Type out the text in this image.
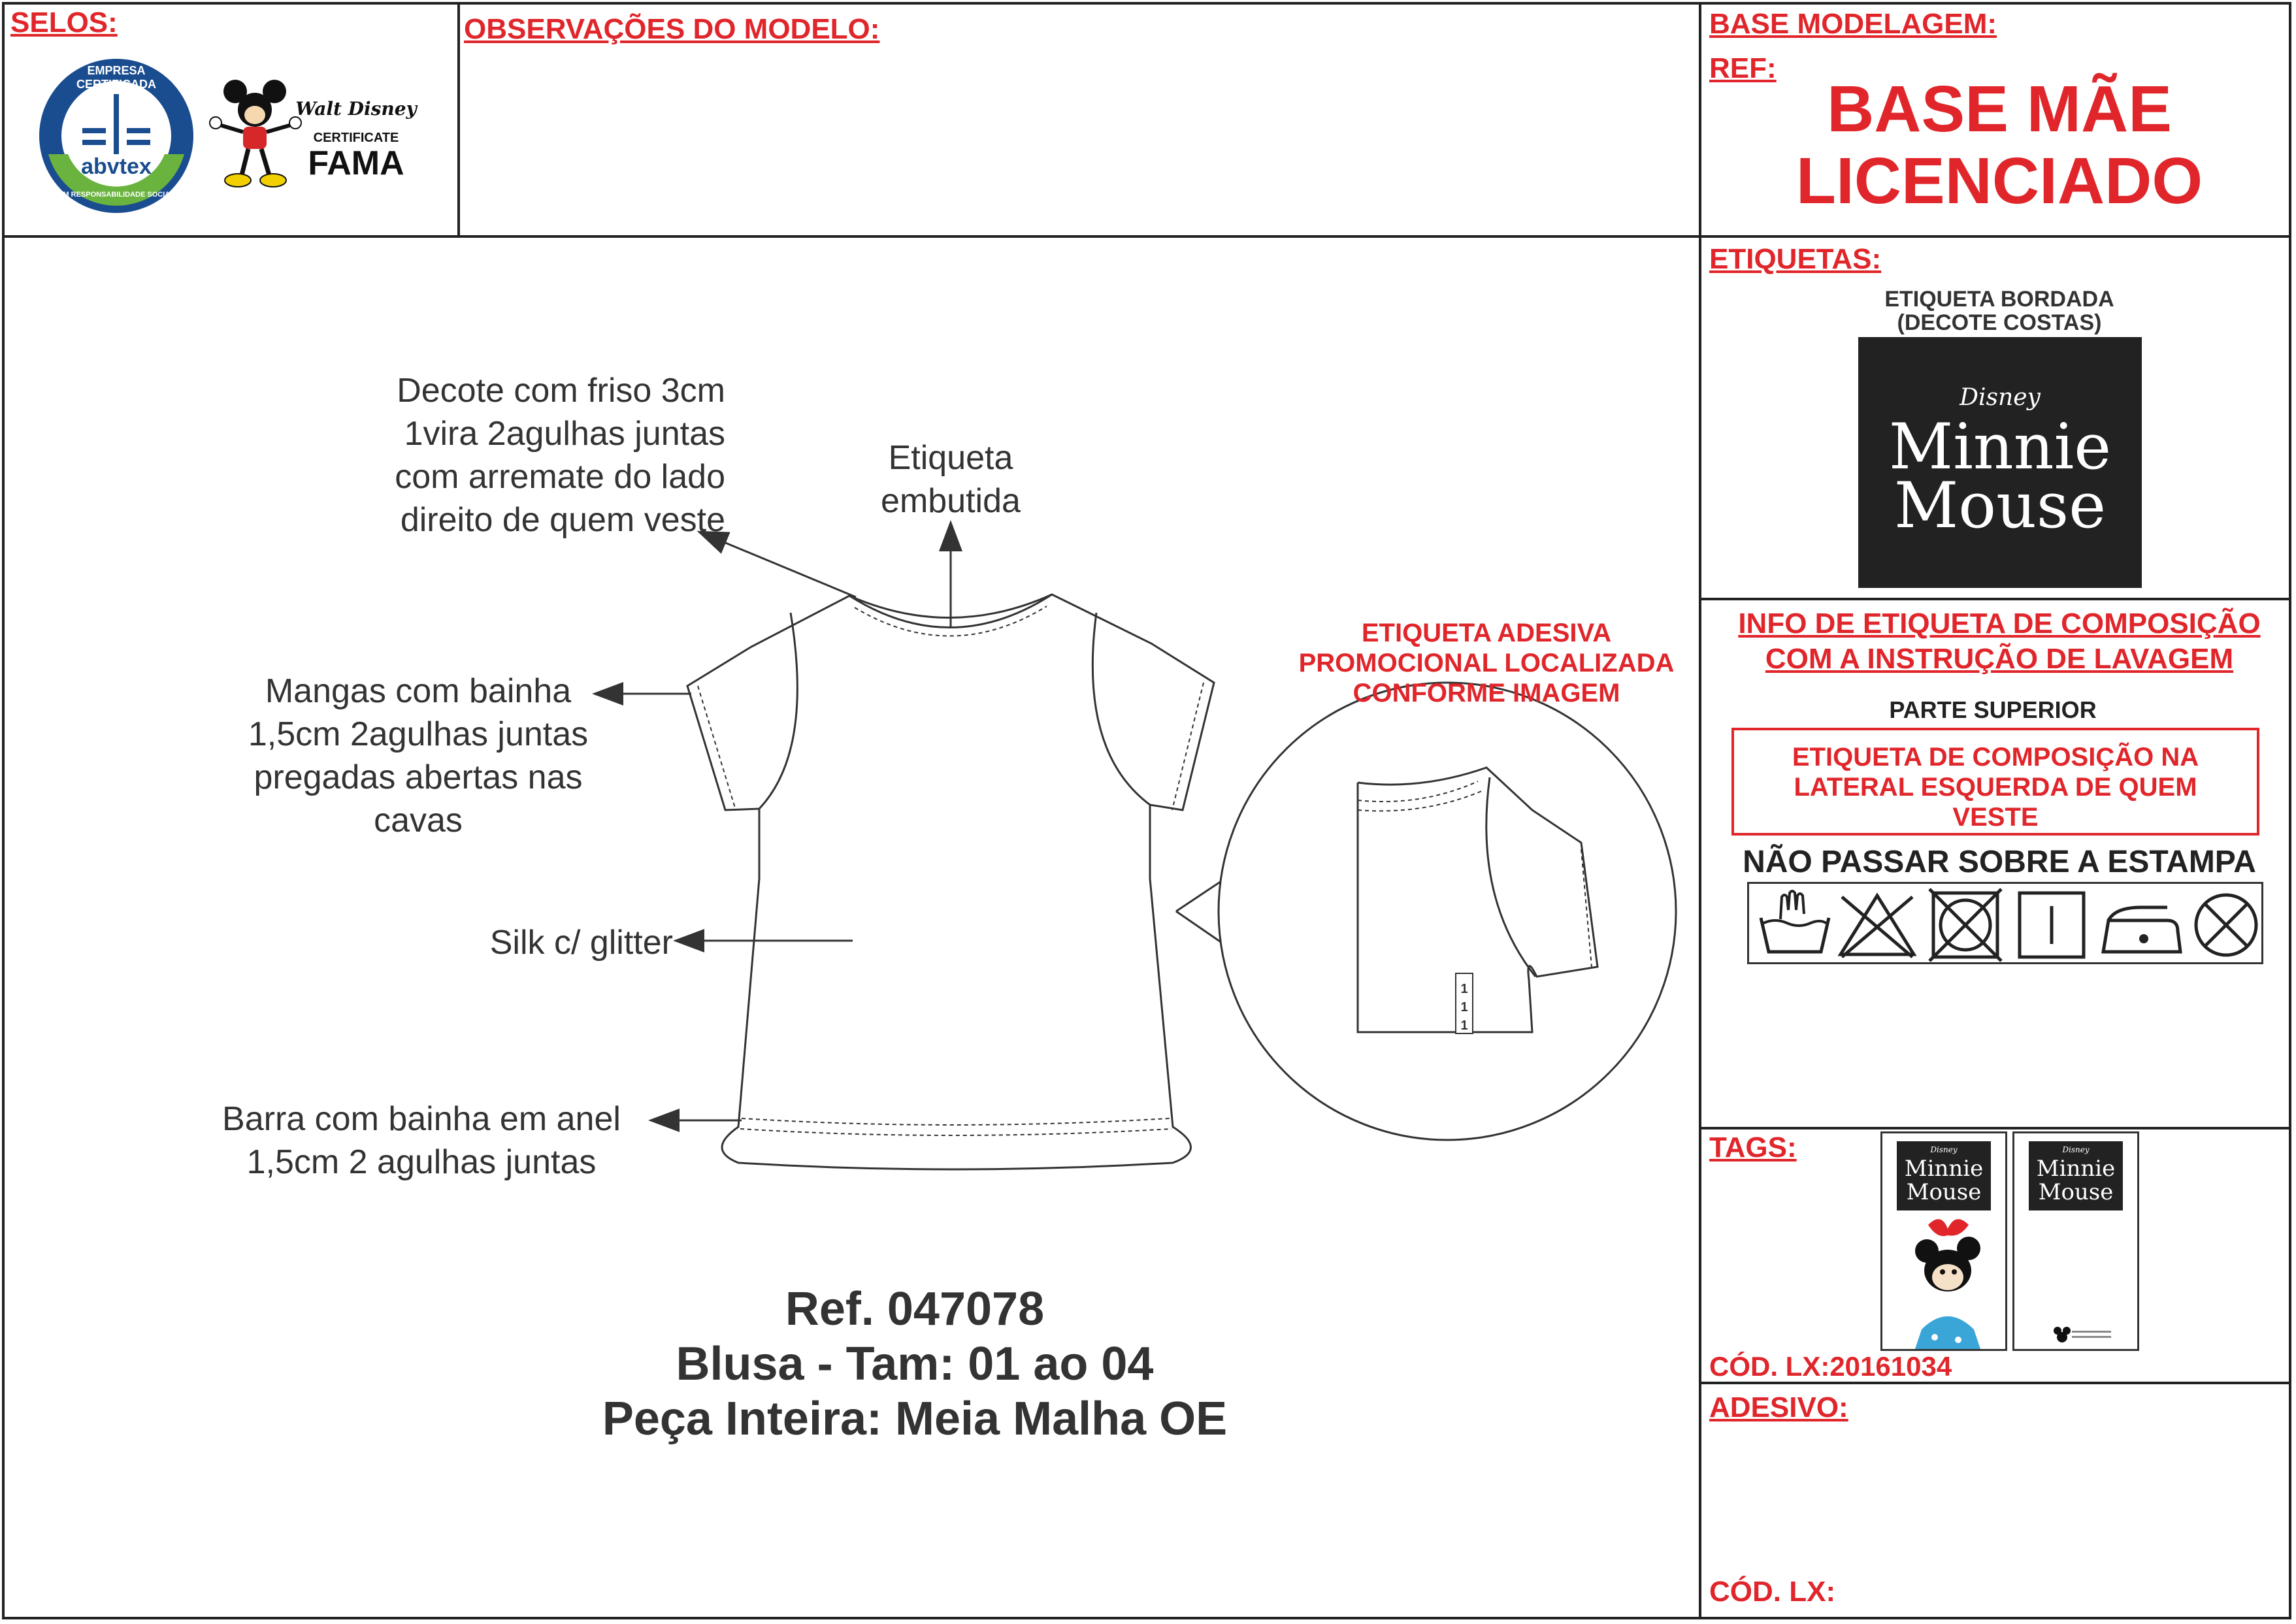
SELOS:	OBSERVAÇÕES DO MODELO:	BASE MODELAGEM:
REF:
BASE MÃE
LICENCIADO
EMPRESA CERTIFICADA
abvtex
EM RESPONSABILIDADE SOCIAL
Walt Disney
CERTIFICATE
FAMA
1
1
1
Decote com friso 3cm
1vira 2agulhas juntas
com arremate do lado
direito de quem veste
Etiqueta
embutida
Mangas com bainha
1,5cm 2agulhas juntas
pregadas abertas nas
cavas
Silk c/ glitter
Barra com bainha em anel
1,5cm 2 agulhas juntas
ETIQUETA ADESIVA
PROMOCIONAL LOCALIZADA
CONFORME IMAGEM
Ref. 047078
Blusa - Tam: 01 ao 04
Peça Inteira: Meia Malha OE
ETIQUETAS:
ETIQUETA BORDADA
(DECOTE COSTAS)
Disney
Minnie
Mouse
INFO DE ETIQUETA DE COMPOSIÇÃO
COM A INSTRUÇÃO DE LAVAGEM
PARTE SUPERIOR
ETIQUETA DE COMPOSIÇÃO NA
LATERAL ESQUERDA DE QUEM
VESTE
NÃO PASSAR SOBRE A ESTAMPA
TAGS:	Disney
Minnie
Mouse
Disney
Minnie
Mouse
CÓD. LX:20161034
ADESIVO:
CÓD. LX:
